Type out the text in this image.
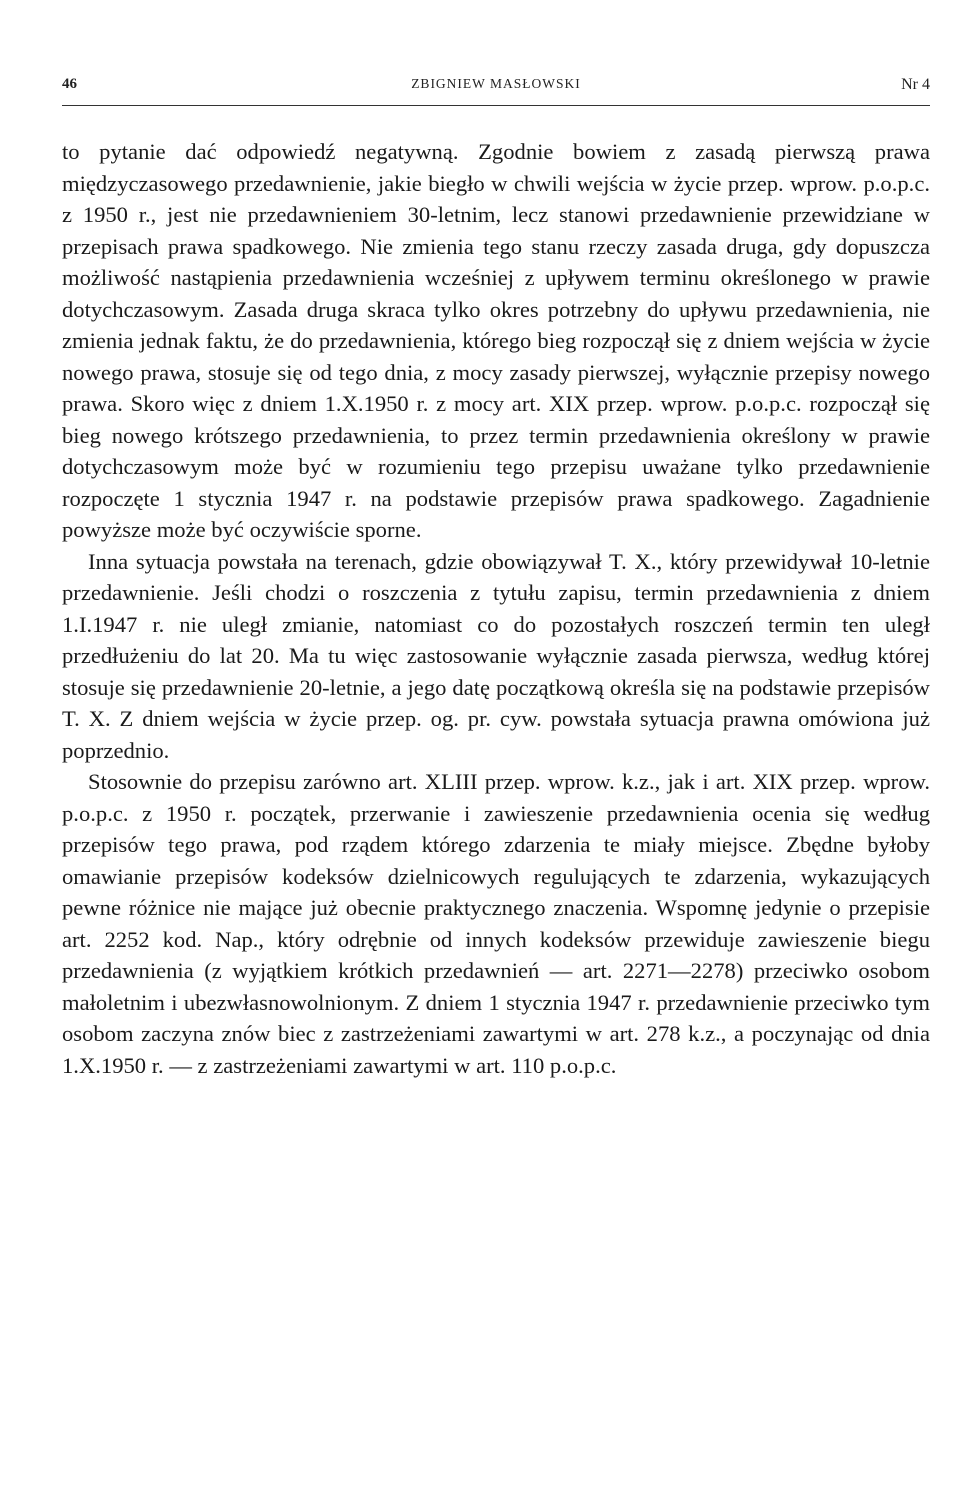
46	ZBIGNIEW MASŁOWSKI	Nr 4

to pytanie dać odpowiedź negatywną. Zgodnie bowiem z zasadą pierwszą prawa międzyczasowego przedawnienie, jakie biegło w chwili wejścia w życie przep. wprow. p.o.p.c. z 1950 r., jest nie przedawnieniem 30-letnim, lecz stanowi przedawnienie przewidziane w przepisach prawa spadkowego. Nie zmienia tego stanu rzeczy zasada druga, gdy dopuszcza możliwość nastąpienia przedawnienia wcześniej z upływem terminu określonego w prawie dotychczasowym. Zasada druga skraca tylko okres potrzebny do upływu przedawnienia, nie zmienia jednak faktu, że do przedawnienia, którego bieg rozpoczął się z dniem wejścia w życie nowego prawa, stosuje się od tego dnia, z mocy zasady pierwszej, wyłącznie przepisy nowego prawa. Skoro więc z dniem 1.X.1950 r. z mocy art. XIX przep. wprow. p.o.p.c. rozpoczął się bieg nowego krótszego przedawnienia, to przez termin przedawnienia określony w prawie dotychczasowym może być w rozumieniu tego przepisu uważane tylko przedawnienie rozpoczęte 1 stycznia 1947 r. na podstawie przepisów prawa spadkowego. Zagadnienie powyższe może być oczywiście sporne.

Inna sytuacja powstała na terenach, gdzie obowiązywał T. X., który przewidywał 10-letnie przedawnienie. Jeśli chodzi o roszczenia z tytułu zapisu, termin przedawnienia z dniem 1.I.1947 r. nie uległ zmianie, natomiast co do pozostałych roszczeń termin ten uległ przedłużeniu do lat 20. Ma tu więc zastosowanie wyłącznie zasada pierwsza, według której stosuje się przedawnienie 20-letnie, a jego datę początkową określa się na podstawie przepisów T. X. Z dniem wejścia w życie przep. og. pr. cyw. powstała sytuacja prawna omówiona już poprzednio.

Stosownie do przepisu zarówno art. XLIII przep. wprow. k.z., jak i art. XIX przep. wprow. p.o.p.c. z 1950 r. początek, przerwanie i zawieszenie przedawnienia ocenia się według przepisów tego prawa, pod rządem którego zdarzenia te miały miejsce. Zbędne byłoby omawianie przepisów kodeksów dzielnicowych regulujących te zdarzenia, wykazujących pewne różnice nie mające już obecnie praktycznego znaczenia. Wspomnę jedynie o przepisie art. 2252 kod. Nap., który odrębnie od innych kodeksów przewiduje zawieszenie biegu przedawnienia (z wyjątkiem krótkich przedawnień — art. 2271—2278) przeciwko osobom małoletnim i ubezwłasnowolnionym. Z dniem 1 stycznia 1947 r. przedawnienie przeciwko tym osobom zaczyna znów biec z zastrzeżeniami zawartymi w art. 278 k.z., a poczynając od dnia 1.X.1950 r. — z zastrzeżeniami zawartymi w art. 110 p.o.p.c.
